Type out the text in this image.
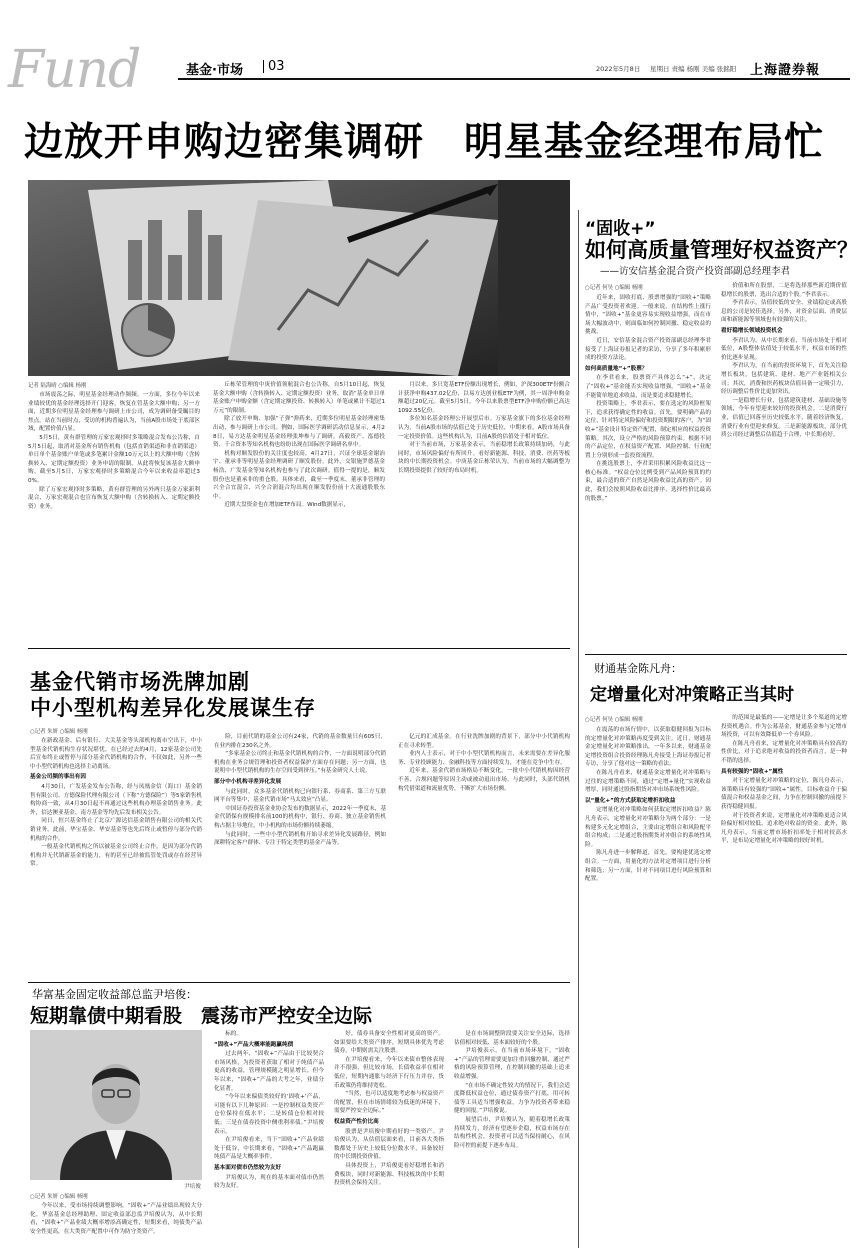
Fund	基金·市场 03	2022年5月8日 星期日 责编 杨刚 美编 张銘阳 上海證券報
边放开申购边密集调研　明星基金经理布局忙
记者 陆海晴 ○编辑 杨刚

市场震荡之际，明星基金经理动作频频。一方面，多位今年以来业绩较优的基金经理选择开门迎客，恢复在管基金大额申购；另一方面，近期多位明星基金经理参与调研上市公司，成为调研备受瞩目的焦点。站在当前时点，受访的机构普遍认为，当前A股市场处于底部区域，配置价值凸显。

5月5日，黄有群管理的万家宏观择时多策略混合发布公告称，自5月5日起，取消对基金所有销售机构（包括直销渠道和非直销渠道）单日单个基金账户单笔或多笔累计金额10万元以上的大额申购（含转换转入、定期定额投资）业务申请的限制，从此将恢复该基金大额申购。截至5月5日，万家宏观择时多策略混合今年以来收益率超过30%。

除了万家宏观择时多策略，黄有群管理的另外两只基金万家新利混合、万家宏观混合也宣布恢复大额申购（含转换转入、定期定额投资）业务。

丘栋荣管理的中庚价值领航混合也公告称，自5月10日起，恢复基金大额申购（含转换转入、定期定额投资）业务，取消“基金单日单基金账户申购金额（含定期定额投资、转换转入）单笔或累计不超过1万元”的限制。

除了放开申购、加强“子弹”弹药来，近期多位明星基金经理密集出动，参与调研上市公司。例如，国际医学调研活动信息显示，4月28日，易方达基金明星基金经理张坤参与了调研。高毅资产、泓德投资、千合资本等知名机构也纷纷出现在国际医学调研名单中。

机构对顺发股份的关注度也较高。4月27日，兴证全球基金谢治宇、董承非等明星基金经理调研了顺发股份。此外，交银施罗德基金杨浩、广发基金等知名机构也参与了此次调研。值得一提的是，顺发股份也是董承非的重仓股。具体来看，截至一季度末，董承非管理的兴全合宜混合、兴全合润混合均出现在顺发股份前十大流通股股东中。

近期大盘资金也在增加ETF布局。Wind数据显示，

月以来，多只宽基ETF份额出现增长，例如，沪深300ETF份额合计获净申购437.02亿份，以易方达创业板ETF为例，其一周净申购金额超过20亿元。截至5月5日，今年以来股票型ETF净申购份额已高达1092.55亿份。

多位知名基金经理公开展望后市。万家基金旗下的多位基金经理认为，当前A股市场的估值已处于历史低位，中期来看，A股市场具备一定投资价值。这些机构认为，目前A股的估值处于相对低位。

对于当前市场，万家基金表示，当前稳增长政策持续加码，与此同时，市场风险偏好有所回升。看好新能源、科技、消费、医药等板块的中长期投资机会。中庚基金丘栋荣认为，当前市场的大幅调整为长期投资提供了较好的布局时机。

“固收+”
如何高质量管理好权益资产？
——访安信基金混合资产投资部副总经理李君
○记者 何昊 ○编辑 杨刚

近年来，固收打底、股票增强的“固收+”策略产品广受投资者欢迎。一般来说，在结构性上涨行情中，“固收+”基金更容易实现收益增强，而在市场大幅波动中，则面临如何控制回撤、稳定收益的挑战。

近日，安信基金混合资产投资部副总经理李君接受了上海证券报记者的采访，分享了多年积累形成的投资方法论。

如何高质量地“+”股票？

在李君看来，股票资产具体怎么“+”，决定了“固收+”基金能否实现收益增强。“固收+”基金不能简单地追求收益，而是要追求稳健增长。

投资策略上，李君表示，要在选定的风险框架下，追求获得确定性的收益。首先，要明确产品的定位，针对特定风险偏好和投资期限的客户，为“固收+”基金设计特定资产配置，制定相应的权益投资策略。其次，设立严格的风险预算约束。根据不同的产品定位，在权益资产配置、风险控制、行业配置上分别形成一套投资流程。

在挑选股票上，李君采用积累风险收益比这一核心标准。“权益仓位比例受到产品风险预算的约束，最合适的资产自然是风险收益比高的资产。因此，我们会按照风险收益比排序，选择性价比最高的股票。”

价值和所在股票，二是将选择那些新近期价值稳增长的股票，选出合适的个股。”李君表示。

李君表示，估值较低的安全、业绩稳定或高股息的公司是较佳选择。另外，对资金层面、消费层面和新能源等领域也有较强的关注。

看好稳增长领域投资机会

李君认为，从中长期来看，当前市场处于相对低位，A股整体估值处于较低水平，权益市场的性价比逐步显现。

李君认为，在当前的投资环境下，首先关注稳增长板块，包括建筑、建材、地产产业链相关公司；其次，消费和医药板块估值具备一定吸引力，经历调整后性价比更加突出。

一是稳增长行业，包括建筑建材、基础设施等领域，今年有望迎来较好的投资机会。二是消费行业，估值已回落至历史较低水平，随着经济恢复，消费行业有望迎来修复。三是新能源板块，部分优质公司经过调整后估值趋于合理，中长期看好。

基金代销市场洗牌加剧
中小型机构差异化发展谋生存
○记者 朱妍 ○编辑 杨刚

在新政基金、后有银行、大关基金等头部机构离市空出下，中小型基金代销机构生存状况堪忧。在已经过去的4月，12家基金公司先后宣布终止或暂停与部分基金代销机构的合作，不仅如此，另外一些中小型代销机构也选择主动离场。

基金公司频的事出有因

4月30日，广发基金发布公告称，经与凤凰金信（海口）基金销售有限公司、方德保险代理有限公司（下称“方德保险”）等5家销售机构协商一致，从4月30日起不再通过这些机构办理基金销售业务。此外，信达澳亚基金、南方基金等均先后发布相关公告。

同日，恒兴基金终止了北京广源达信基金销售有限公司的相关代销业务。此前，华宝基金、华安基金等也先后终止或暂停与部分代销机构的合作。

一般基金代销机构之所以被基金公司终止合作，是因为部分代销机构并无代销新基金的能力，有的甚至已经被监管处罚或存在经营异常。

险，目前代销的基金公司有24家，代销的基金数量只有605只，在业内排在230名之外。

“多家基金公司终止和基金代销机构的合作，一方面说明部分代销机构在业务合规管理和投资者权益保护方面存在问题；另一方面，也说明中小型代销机构的生存空间受到挤压。”有基金研究人士说。

部分中小机构寻差异化发展

与此同时，众多基金代销机构已向银行系、券商系、第三方互联网平台等集中，基金代销市场“马太效应”凸显。

中国证券投资基金业协会发布的数据显示，2022年一季度末，基金代销保有规模排名前100的机构中，银行、券商、独立基金销售机构占据主导地位，中小机构的市场份额持续萎缩。

与此同时，一些中小型代销机构开始寻求差异化发展路径，例如深耕特定客户群体、专注于特定类型的基金产品等。

亿元的汇成基金。在行业洗牌加剧的背景下，部分中小代销机构正在寻求转型。

业内人士表示，对于中小型代销机构而言，未来需要在差异化服务、专业投顾能力、金融科技等方面持续发力，才能在竞争中生存。

近年来，基金代销市场格局不断变化，一批中小代销机构因经营不善、合规问题等原因主动或被动退出市场。与此同时，头部代销机构凭借渠道和流量优势，不断扩大市场份额。

财通基金陈凡舟：
定增量化对冲策略正当其时
○记者 何昊 ○编辑 杨刚

在震荡的市场行情中，以获取稳健回报为目标的定增量化对冲策略再度受到关注。近日，财通基金定增量化对冲策略推出，一年多以来，财通基金定增投资组合投资经理陈凡舟接受上海证券报记者专访，分享了他对这一策略的看法。

在陈凡舟看来，财通基金定增量化对冲策略与过往的定增策略不同，通过“定增+量化”实现收益增厚，同时通过股指期货对冲市场系统性风险。

以“量化+”的方式获取定增折扣收益

定增量化对冲策略如何获取定增折扣收益？陈凡舟表示，定增量化对冲策略分为两个部分：一是构建多元化定增组合，主要由定增组合和风险配平组合构成；二是通过股指期货对冲组合的系统性风险。

陈凡舟进一步解释道，首先，要构建优选定增组合。一方面，用量化的方法对定增项目进行分析和筛选；另一方面，针对不同项目进行风险预算和配置。

的范围是最低的——定增是让多个渠道的定增投资机遇合。作为公募基金，财通基金参与定增市场投资，可以有效降低单一个券风险。

在陈凡舟看来，定增量化对冲策略具有较高的性价比，对于追求绝对收益的投资者而言，是一种不错的选择。

具有较强的“固收+”属性

对于定增量化对冲策略的定位，陈凡舟表示，该策略具有较强的“固收+”属性，目标收益介于偏债混合和权益基金之间，力争在控制回撤的前提下获得稳健回报。

对于投资者来说，定增量化对冲策略更适合风险偏好相对较低、追求绝对收益的资金。此外，陈凡舟表示，当前定增市场折扣率处于相对较高水平，是布局定增量化对冲策略的较好时机。

华富基金固定收益部总监尹培俊：
短期靠债中期看股　震荡市严控安全边际
尹培俊
○记者 朱妍 ○编辑 杨刚

今年以来，受市场持续调整影响，“固收+”产品业绩出现较大分化。华富基金总经理助理、固定收益部总监尹培俊认为，从中长期看，“固收+”产品业绩大概率增添高确定性，短期来看，纯债类产品安全性更高，在大类资产配置中可作为防守类资产。

标的。

“固收+”产品大概率能跑赢纯债

过去两年，“固收+”产品由于比较契合市场风格，为投资者获取了相对于纯债产品更高的收益，管理规模随之明显增长。但今年以来，“固收+”产品的大考之年，业绩分化显著。

“今年以来偏债类较好的‘固收+’产品，可能有以下几种原因：一是控制权益类资产仓位保持在低水平；二是转债仓位相对较低；三是在债券投资中侧重利率债。”尹培俊表示。

在尹培俊看来，当下“固收+”产品业绩处于低谷，中长期来看，“固收+”产品跑赢纯债产品是大概率事件。

基本面对债市仍然较为友好

尹培俊认为，现在的基本面对债市仍然较为友好。

好，债券具备安全性相对更高的资产。如果要给大类资产排序，短期具体优先考虑债券，中期则需关注股票。

在尹培俊看来，今年以来债市整体表现并不很强，但比较市场，长债收益率在相对低位，短期内通胀与经济下行压力并存，货币政策仍将维持宽松。

“当然，也可以适度地考虑参与权益资产的配置，但在市场情绪较为低迷的环境下，需要严控安全边际。”

权益资产性价比高

股票是尹培俊中期看好的一类资产。尹培俊认为，从估值层面来看，目前各大类指数都处于历史上较低分位数水平，具备较好的中长期投资价值。

具体投资上，尹培俊更看好稳增长和消费板块，同时对新能源、科技板块的中长期投资机会保持关注。

是在市场调整阶段要关注安全边际，选择估值相对较低、基本面较好的个股。

尹培俊表示，在当前市场环境下，“固收+”产品的管理需要更加注重回撤控制，通过严格的风险预算管理，在控制回撤的基础上追求收益增强。

“在市场不确定性较大的情况下，我们会适度降低权益仓位，通过债券资产打底，用可转债等工具适当增强收益，力争为投资者带来稳健的回报。”尹培俊说。

展望后市，尹培俊认为，随着稳增长政策持续发力，经济有望逐步企稳，权益市场存在结构性机会，投资者可以适当保持耐心，在风险可控的前提下逐步布局。
